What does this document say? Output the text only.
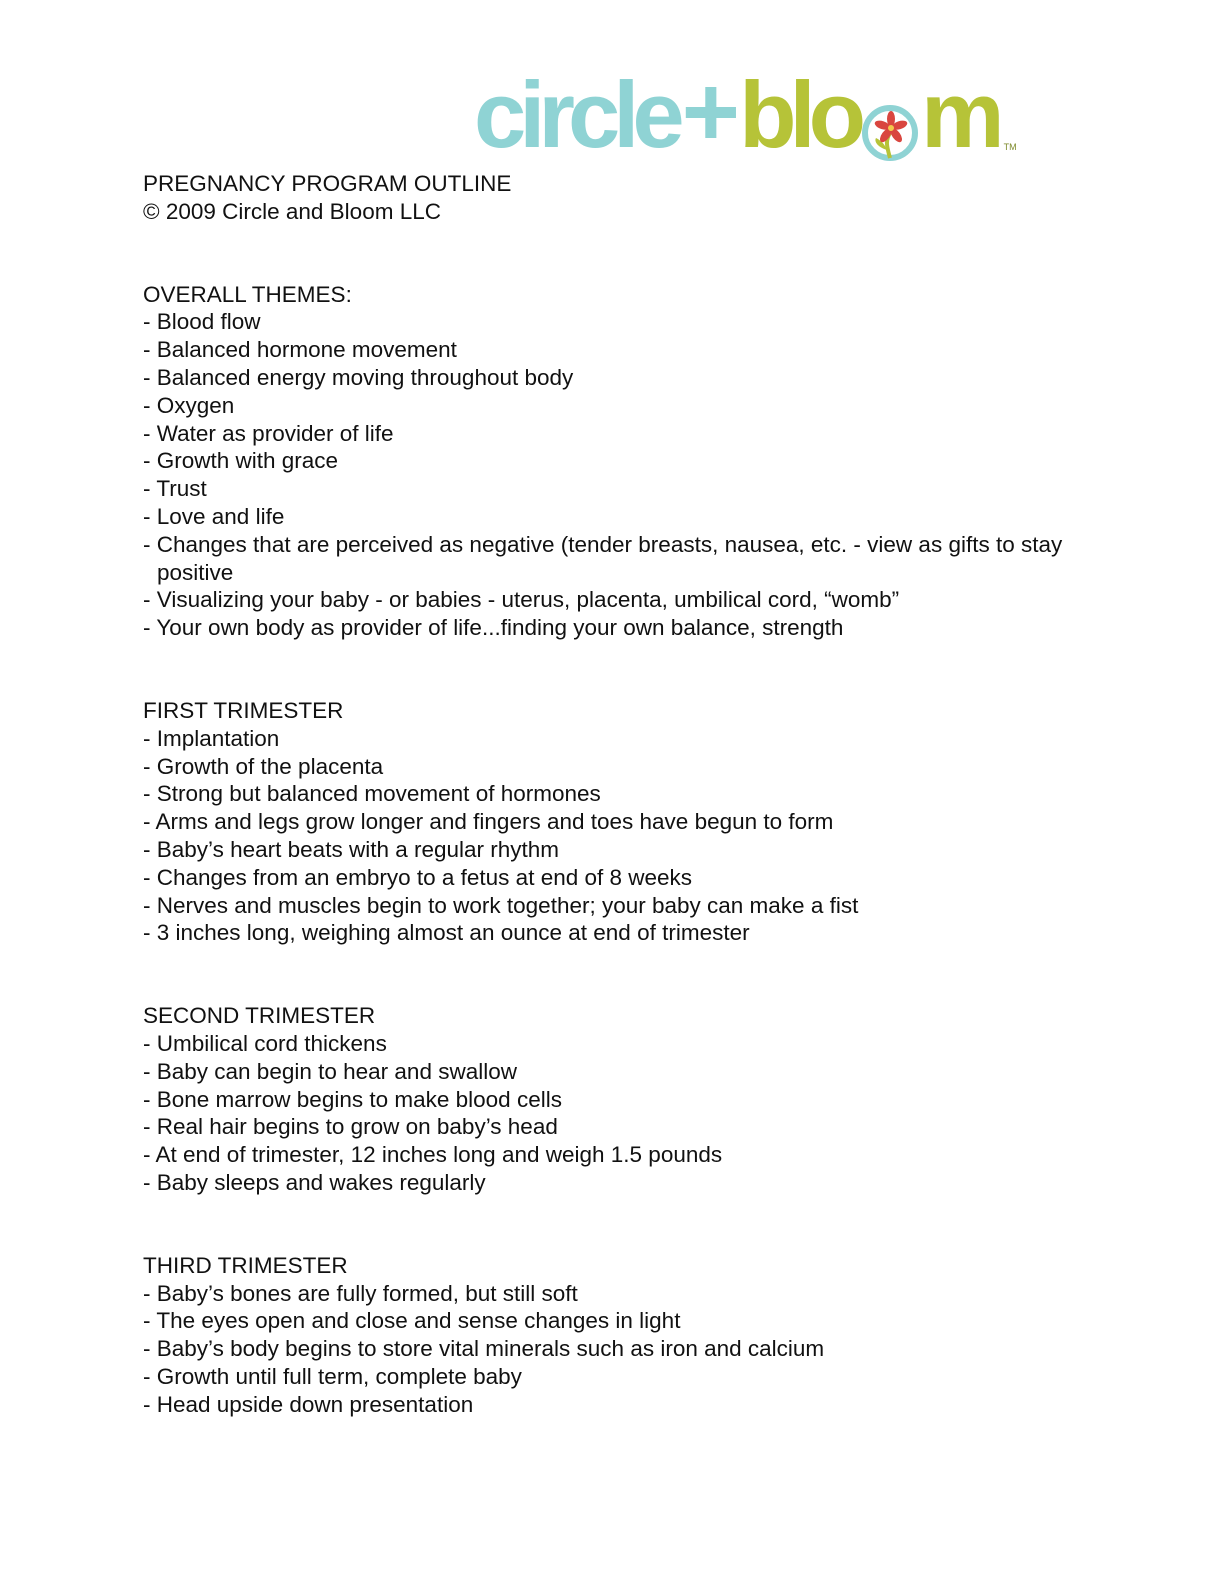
circle + blo m TM
PREGNANCY PROGRAM OUTLINE
© 2009 Circle and Bloom LLC
OVERALL THEMES:
- Blood flow
- Balanced hormone movement
- Balanced energy moving throughout body
- Oxygen
- Water as provider of life
- Growth with grace
- Trust
- Love and life
- Changes that are perceived as negative (tender breasts, nausea, etc. - view as gifts to stay positive
- Visualizing your baby - or babies - uterus, placenta, umbilical cord, “womb”
- Your own body as provider of life...finding your own balance, strength
FIRST TRIMESTER
- Implantation
- Growth of the placenta
- Strong but balanced movement of hormones
- Arms and legs grow longer and fingers and toes have begun to form
- Baby’s heart beats with a regular rhythm
- Changes from an embryo to a fetus at end of 8 weeks
- Nerves and muscles begin to work together; your baby can make a fist
- 3 inches long, weighing almost an ounce at end of trimester
SECOND TRIMESTER
- Umbilical cord thickens
- Baby can begin to hear and swallow
- Bone marrow begins to make blood cells
- Real hair begins to grow on baby’s head
- At end of trimester, 12 inches long and weigh 1.5 pounds
- Baby sleeps and wakes regularly
THIRD TRIMESTER
- Baby’s bones are fully formed, but still soft
- The eyes open and close and sense changes in light
- Baby’s body begins to store vital minerals such as iron and calcium
- Growth until full term, complete baby
- Head upside down presentation
